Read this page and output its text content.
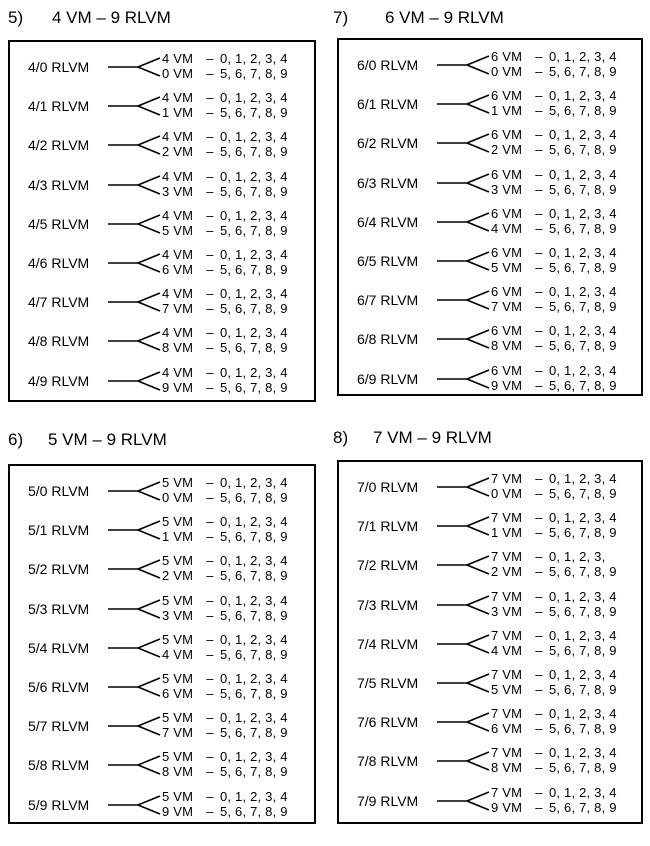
5) 4 VM – 9 RLVM
4/0 RLVM
4 VM – 0, 1, 2, 3, 4
0 VM – 5, 6, 7, 8, 9
4/1 RLVM
4 VM – 0, 1, 2, 3, 4
1 VM – 5, 6, 7, 8, 9
4/2 RLVM
4 VM – 0, 1, 2, 3, 4
2 VM – 5, 6, 7, 8, 9
4/3 RLVM
4 VM – 0, 1, 2, 3, 4
3 VM – 5, 6, 7, 8, 9
4/5 RLVM
4 VM – 0, 1, 2, 3, 4
5 VM – 5, 6, 7, 8, 9
4/6 RLVM
4 VM – 0, 1, 2, 3, 4
6 VM – 5, 6, 7, 8, 9
4/7 RLVM
4 VM – 0, 1, 2, 3, 4
7 VM – 5, 6, 7, 8, 9
4/8 RLVM
4 VM – 0, 1, 2, 3, 4
8 VM – 5, 6, 7, 8, 9
4/9 RLVM
4 VM – 0, 1, 2, 3, 4
9 VM – 5, 6, 7, 8, 9
7) 6 VM – 9 RLVM
6/0 RLVM
6 VM – 0, 1, 2, 3, 4
0 VM – 5, 6, 7, 8, 9
6/1 RLVM
6 VM – 0, 1, 2, 3, 4
1 VM – 5, 6, 7, 8, 9
6/2 RLVM
6 VM – 0, 1, 2, 3, 4
2 VM – 5, 6, 7, 8, 9
6/3 RLVM
6 VM – 0, 1, 2, 3, 4
3 VM – 5, 6, 7, 8, 9
6/4 RLVM
6 VM – 0, 1, 2, 3, 4
4 VM – 5, 6, 7, 8, 9
6/5 RLVM
6 VM – 0, 1, 2, 3, 4
5 VM – 5, 6, 7, 8, 9
6/7 RLVM
6 VM – 0, 1, 2, 3, 4
7 VM – 5, 6, 7, 8, 9
6/8 RLVM
6 VM – 0, 1, 2, 3, 4
8 VM – 5, 6, 7, 8, 9
6/9 RLVM
6 VM – 0, 1, 2, 3, 4
9 VM – 5, 6, 7, 8, 9
6) 5 VM – 9 RLVM
5/0 RLVM
5 VM – 0, 1, 2, 3, 4
0 VM – 5, 6, 7, 8, 9
5/1 RLVM
5 VM – 0, 1, 2, 3, 4
1 VM – 5, 6, 7, 8, 9
5/2 RLVM
5 VM – 0, 1, 2, 3, 4
2 VM – 5, 6, 7, 8, 9
5/3 RLVM
5 VM – 0, 1, 2, 3, 4
3 VM – 5, 6, 7, 8, 9
5/4 RLVM
5 VM – 0, 1, 2, 3, 4
4 VM – 5, 6, 7, 8, 9
5/6 RLVM
5 VM – 0, 1, 2, 3, 4
6 VM – 5, 6, 7, 8, 9
5/7 RLVM
5 VM – 0, 1, 2, 3, 4
7 VM – 5, 6, 7, 8, 9
5/8 RLVM
5 VM – 0, 1, 2, 3, 4
8 VM – 5, 6, 7, 8, 9
5/9 RLVM
5 VM – 0, 1, 2, 3, 4
9 VM – 5, 6, 7, 8, 9
8) 7 VM – 9 RLVM
7/0 RLVM
7 VM – 0, 1, 2, 3, 4
0 VM – 5, 6, 7, 8, 9
7/1 RLVM
7 VM – 0, 1, 2, 3, 4
1 VM – 5, 6, 7, 8, 9
7/2 RLVM
7 VM – 0, 1, 2, 3,
2 VM – 5, 6, 7, 8, 9
7/3 RLVM
7 VM – 0, 1, 2, 3, 4
3 VM – 5, 6, 7, 8, 9
7/4 RLVM
7 VM – 0, 1, 2, 3, 4
4 VM – 5, 6, 7, 8, 9
7/5 RLVM
7 VM – 0, 1, 2, 3, 4
5 VM – 5, 6, 7, 8, 9
7/6 RLVM
7 VM – 0, 1, 2, 3, 4
6 VM – 5, 6, 7, 8, 9
7/8 RLVM
7 VM – 0, 1, 2, 3, 4
8 VM – 5, 6, 7, 8, 9
7/9 RLVM
7 VM – 0, 1, 2, 3, 4
9 VM – 5, 6, 7, 8, 9
